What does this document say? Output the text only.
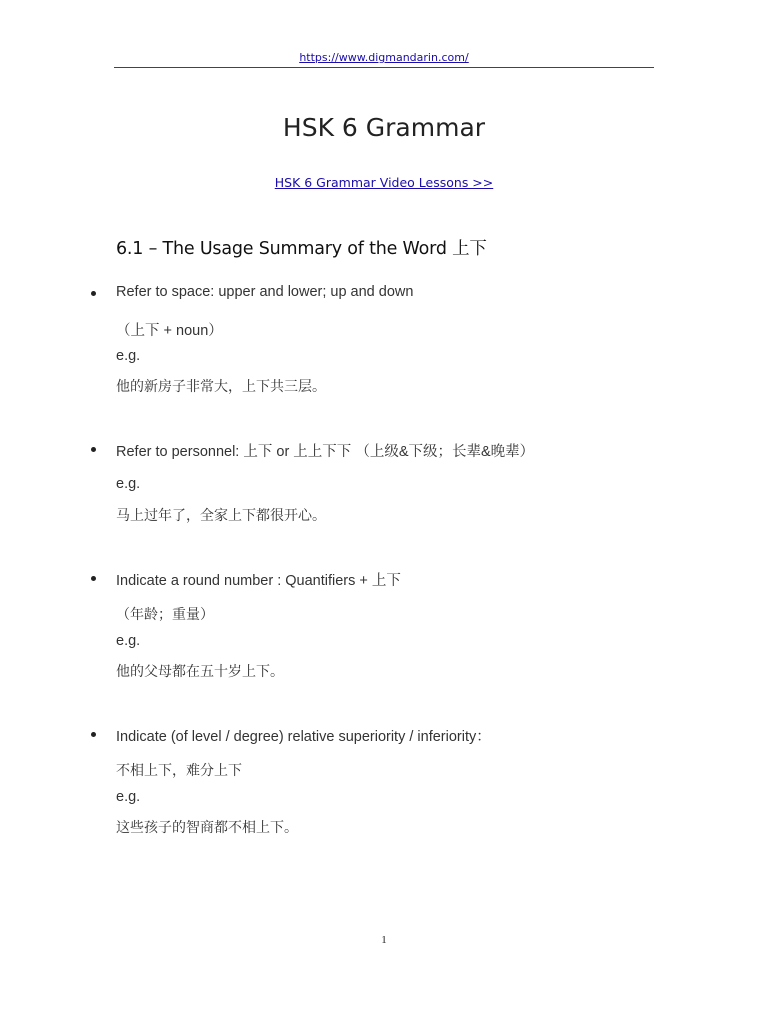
https://www.digmandarin.com/
HSK 6 Grammar
HSK 6 Grammar Video Lessons >>
6.1 – The Usage Summary of the Word 上下
Refer to space: upper and lower; up and down
（上下 + noun）
e.g.
他的新房子非常大，上下共三层。
Refer to personnel: 上下 or 上上下下 （上级&下级；长辈&晚辈）
e.g.
马上过年了，全家上下都很开心。
Indicate a round number : Quantifiers + 上下
（年龄；重量）
e.g.
他的父母都在五十岁上下。
Indicate (of level / degree) relative superiority / inferiority：
不相上下，难分上下
e.g.
这些孩子的智商都不相上下。
1
